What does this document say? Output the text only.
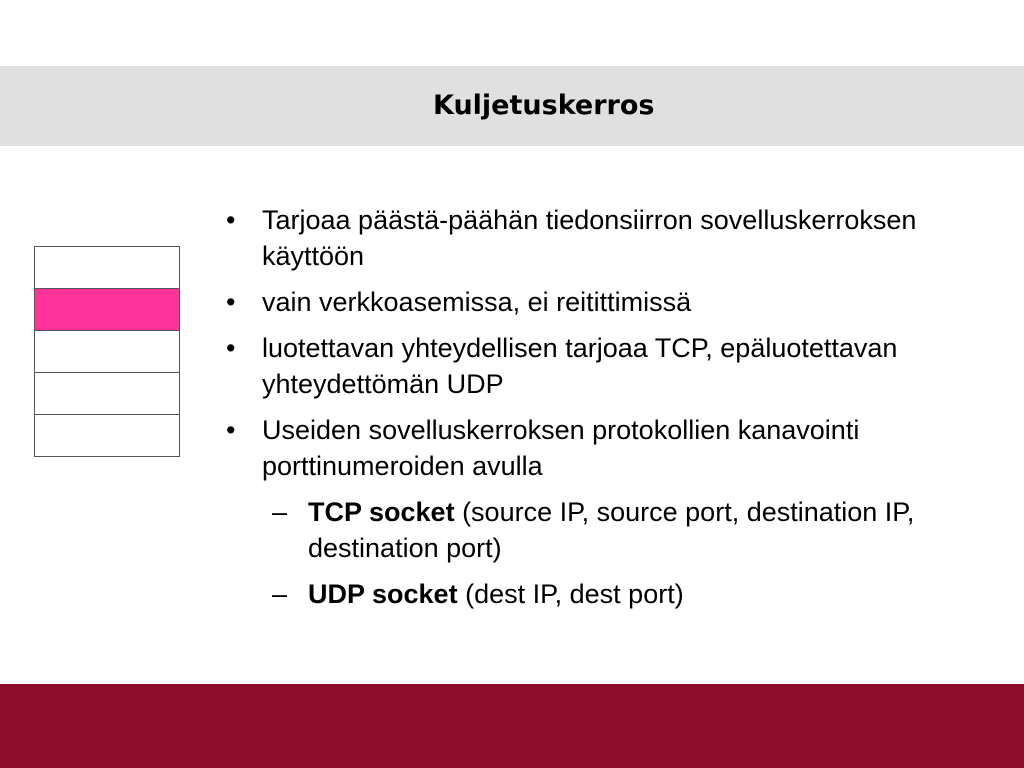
Kuljetuskerros
• Tarjoaa päästä-päähän tiedonsiirron sovelluskerroksen käyttöön
• vain verkkoasemissa, ei reitittimissä
• luotettavan yhteydellisen tarjoaa TCP, epäluotettavan yhteydettömän UDP
• Useiden sovelluskerroksen protokollien kanavointi porttinumeroiden avulla
– TCP socket (source IP, source port, destination IP, destination port)
– UDP socket (dest IP, dest port)
